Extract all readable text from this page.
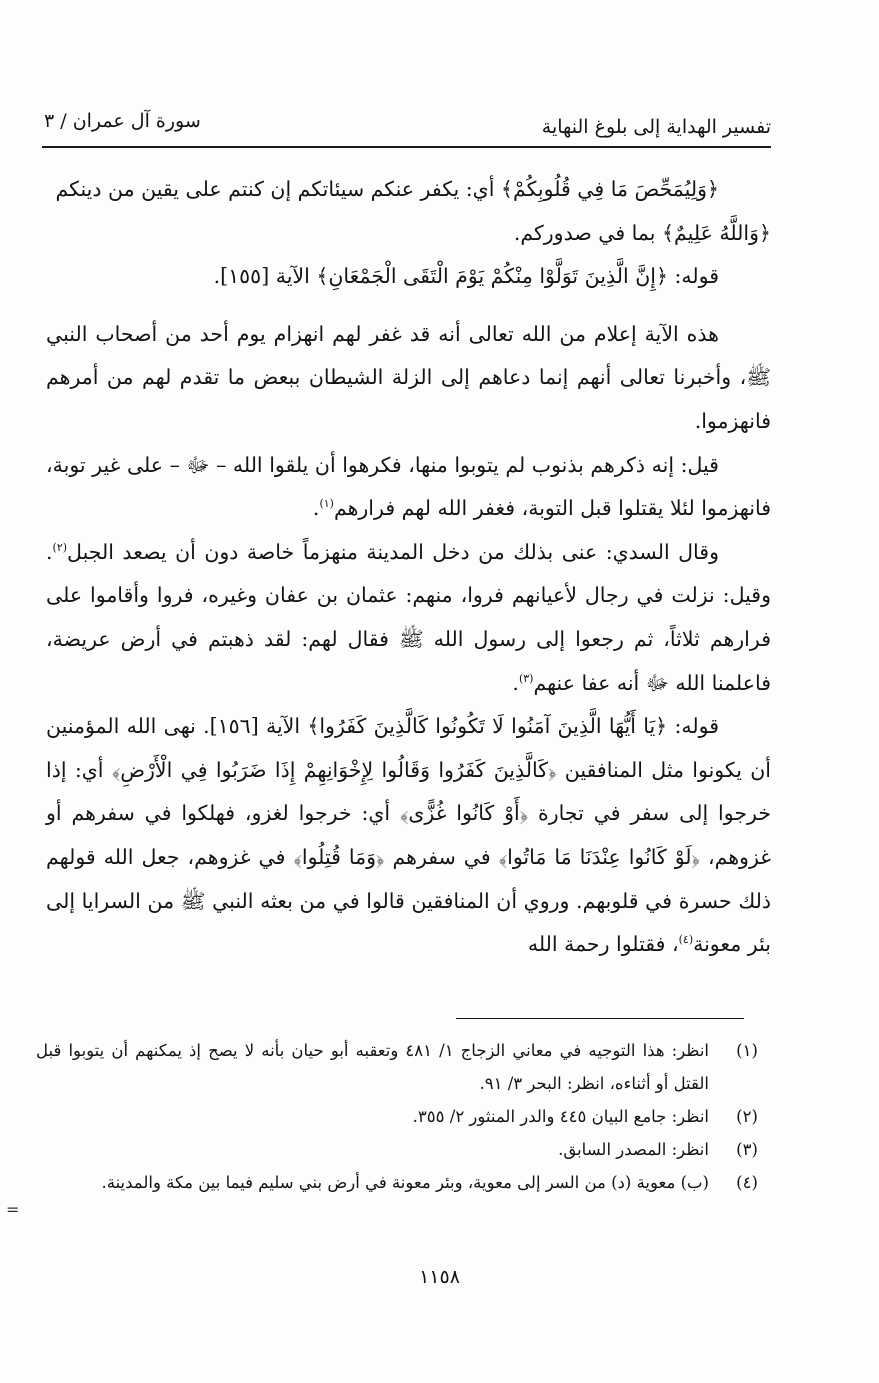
تفسير الهداية إلى بلوغ النهاية
سورة آل عمران / ٣

﴿وَلِيُمَحِّصَ مَا فِي قُلُوبِكُمْ﴾ أي: يكفر عنكم سيئاتكم إن كنتم على يقين من دينكم
﴿وَاللَّهُ عَلِيمٌ﴾ بما في صدوركم.

قوله: ﴿إِنَّ الَّذِينَ تَوَلَّوْا مِنْكُمْ يَوْمَ الْتَقَى الْجَمْعَانِ﴾ الآية [١٥٥].

هذه الآية إعلام من الله تعالى أنه قد غفر لهم انهزام يوم أحد من أصحاب النبي ﷺ، وأخبرنا تعالى أنهم إنما دعاهم إلى الزلة الشيطان ببعض ما تقدم لهم من أمرهم فانهزموا.

قيل: إنه ذكرهم بذنوب لم يتوبوا منها، فكرهوا أن يلقوا الله – ﷻ – على غير توبة، فانهزموا لئلا يقتلوا قبل التوبة، فغفر الله لهم فرارهم$^{(١)}$.

وقال السدي: عنى بذلك من دخل المدينة منهزماً خاصة دون أن يصعد الجبل$^{(٢)}$. وقيل: نزلت في رجال لأعيانهم فروا، منهم: عثمان بن عفان وغيره، فروا وأقاموا على فرارهم ثلاثاً، ثم رجعوا إلى رسول الله ﷺ فقال لهم: لقد ذهبتم في أرض عريضة، فاعلمنا الله ﷻ أنه عفا عنهم$^{(٣)}$.

قوله: ﴿يَا أَيُّهَا الَّذِينَ آمَنُوا لَا تَكُونُوا كَالَّذِينَ كَفَرُوا﴾ الآية [١٥٦]. نهى الله المؤمنين أن يكونوا مثل المنافقين ﴿كَالَّذِينَ كَفَرُوا وَقَالُوا لِإِخْوَانِهِمْ إِذَا ضَرَبُوا فِي الْأَرْضِ﴾ أي: إذا خرجوا إلى سفر في تجارة ﴿أَوْ كَانُوا غُزًّى﴾ أي: خرجوا لغزو، فهلكوا في سفرهم أو غزوهم، ﴿لَوْ كَانُوا عِنْدَنَا مَا مَاتُوا﴾ في سفرهم ﴿وَمَا قُتِلُوا﴾ في غزوهم، جعل الله قولهم ذلك حسرة في قلوبهم. وروي أن المنافقين قالوا في من بعثه النبي ﷺ من السرايا إلى بئر معونة$^{(٤)}$، فقتلوا رحمة الله

(١)
انظر: هذا التوجيه في معاني الزجاج ١/ ٤٨١ وتعقبه أبو حيان بأنه لا يصح إذ يمكنهم أن يتوبوا قبل القتل أو أثناءه، انظر: البحر ٣/ ٩١.

(٢)
انظر: جامع البيان ٤٤٥ والدر المنثور ٢/ ٣٥٥.

(٣)
انظر: المصدر السابق.

(٤)
(ب) معوية (د) من السر إلى معوية، وبئر معونة في أرض بني سليم فيما بين مكة والمدينة.

=
١١٥٨
